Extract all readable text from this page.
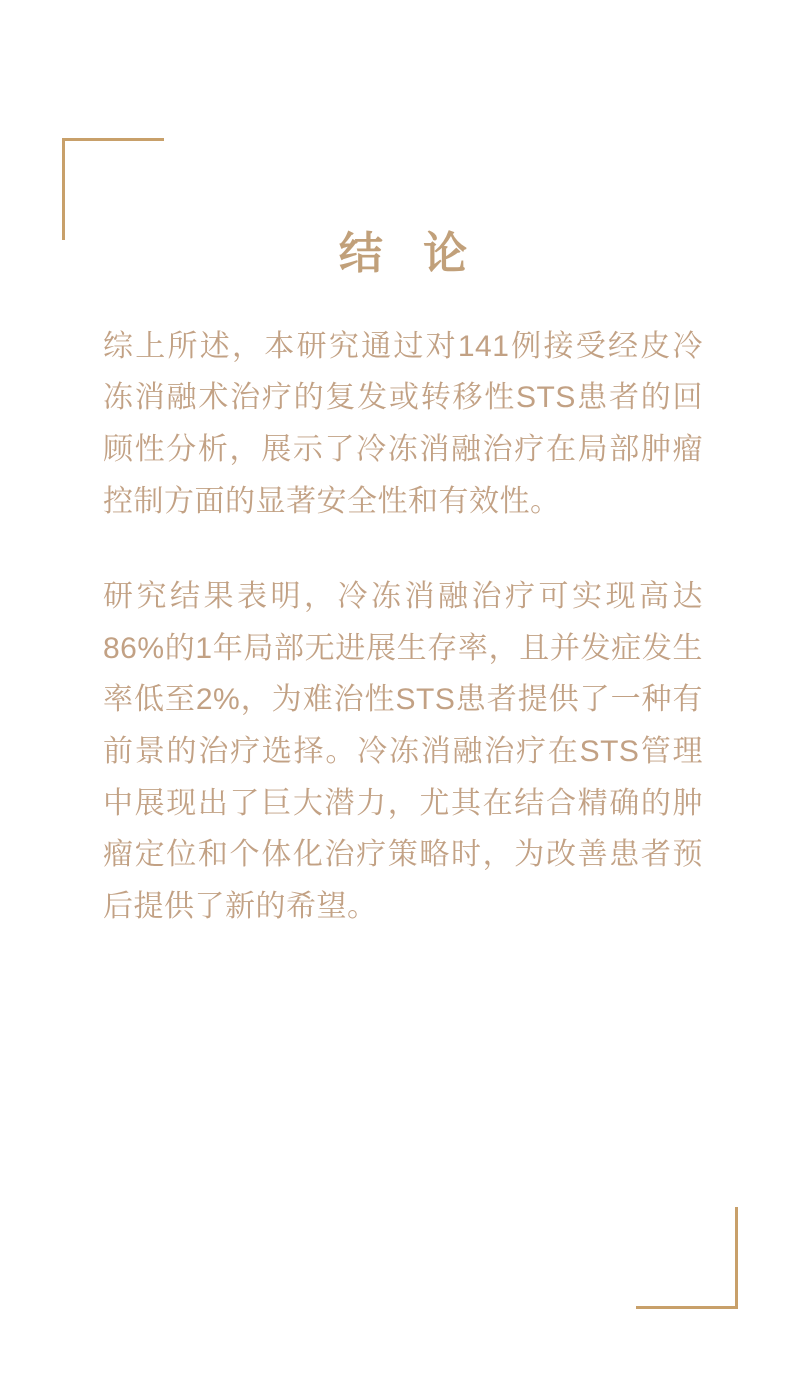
结 论

综上所述，本研究通过对141例接受经皮冷冻消融术治疗的复发或转移性STS患者的回顾性分析，展示了冷冻消融治疗在局部肿瘤控制方面的显著安全性和有效性。

研究结果表明，冷冻消融治疗可实现高达86%的1年局部无进展生存率，且并发症发生率低至2%，为难治性STS患者提供了一种有前景的治疗选择。冷冻消融治疗在STS管理中展现出了巨大潜力，尤其在结合精确的肿瘤定位和个体化治疗策略时，为改善患者预后提供了新的希望。
